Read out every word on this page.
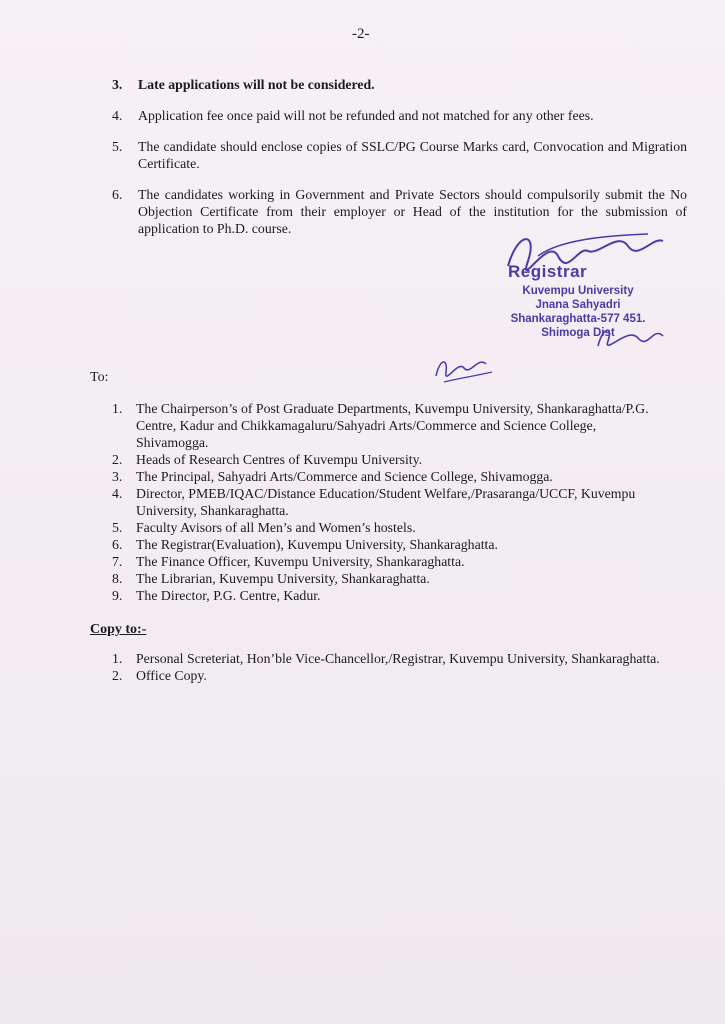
-2-
3. Late applications will not be considered.
4. Application fee once paid will not be refunded and not matched for any other fees.
5. The candidate should enclose copies of SSLC/PG Course Marks card, Convocation and Migration Certificate.
6. The candidates working in Government and Private Sectors should compulsorily submit the No Objection Certificate from their employer or Head of the institution for the submission of application to Ph.D. course.
Registrar
Kuvempu University
Jnana Sahyadri
Shankaraghatta-577 451.
Shimoga Dist
To:
1. The Chairperson’s of Post Graduate Departments, Kuvempu University, Shankaraghatta/P.G. Centre, Kadur and Chikkamagaluru/Sahyadri Arts/Commerce and Science College, Shivamogga.
2. Heads of Research Centres of Kuvempu University.
3. The Principal, Sahyadri Arts/Commerce and Science College, Shivamogga.
4. Director, PMEB/IQAC/Distance Education/Student Welfare,/Prasaranga/UCCF, Kuvempu University, Shankaraghatta.
5. Faculty Avisors of all Men’s and Women’s hostels.
6. The Registrar(Evaluation), Kuvempu University, Shankaraghatta.
7. The Finance Officer, Kuvempu University, Shankaraghatta.
8. The Librarian, Kuvempu University, Shankaraghatta.
9. The Director, P.G. Centre, Kadur.
Copy to:-
1. Personal Screteriat, Hon’ble Vice-Chancellor,/Registrar, Kuvempu University, Shankaraghatta.
2. Office Copy.
